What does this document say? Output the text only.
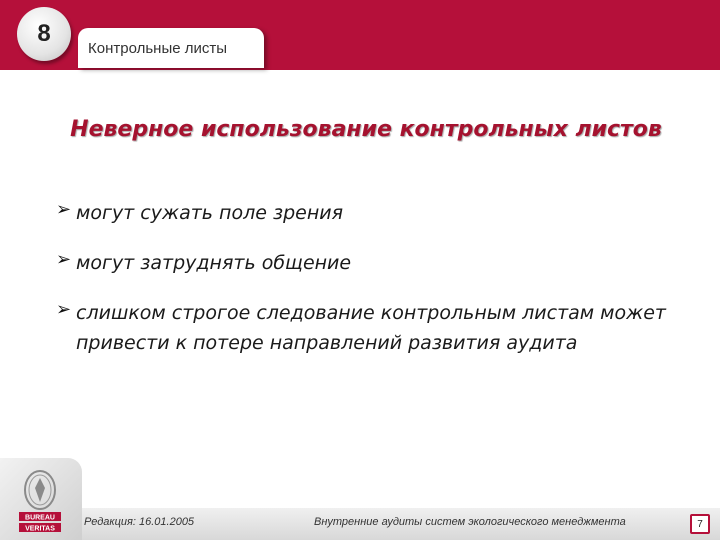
8
Контрольные листы
Неверное использование контрольных листов
➢ могут сужать поле зрения
➢ могут затруднять общение
➢ слишком строгое следование контрольным листам может привести к потере направлений развития аудита
BUREAU
VERITAS
Редакция: 16.01.2005	Внутренние аудиты систем экологического менеджмента	7
